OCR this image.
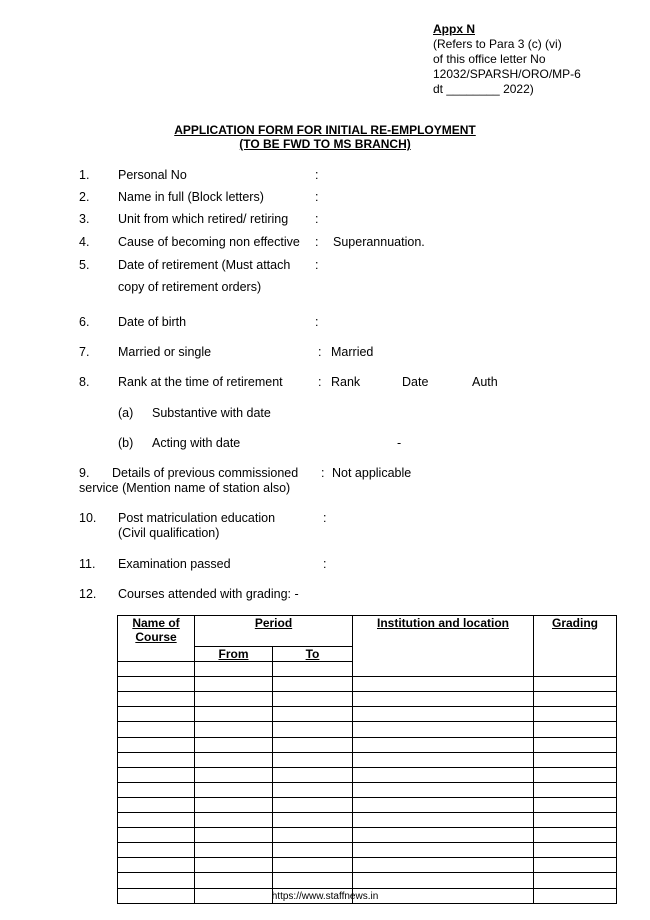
Appx N
(Refers to Para 3 (c) (vi)
of this office letter No
12032/SPARSH/ORO/MP-6
dt ________ 2022)
APPLICATION FORM FOR INITIAL RE-EMPLOYMENT
(TO BE FWD TO MS BRANCH)
1. Personal No	:
2. Name in full (Block letters)	:
3. Unit from which retired/ retiring :
4. Cause of becoming non effective : Superannuation.
5. Date of retirement (Must attach
copy of retirement orders)
:
6. Date of birth	:
7. Married or single	: Married
8. Rank at the time of retirement	: Rank	Date	Auth
(a) Substantive with date
(b) Acting with date	-
9. Details of previous commissioned
service (Mention name of station also)
: Not applicable
10. Post matriculation education
(Civil qualification)
:
11. Examination passed	:
12. Courses attended with grading: -
Name of Course	Period		Institution and location	Grading
	From	To		

https://www.staffnews.in
